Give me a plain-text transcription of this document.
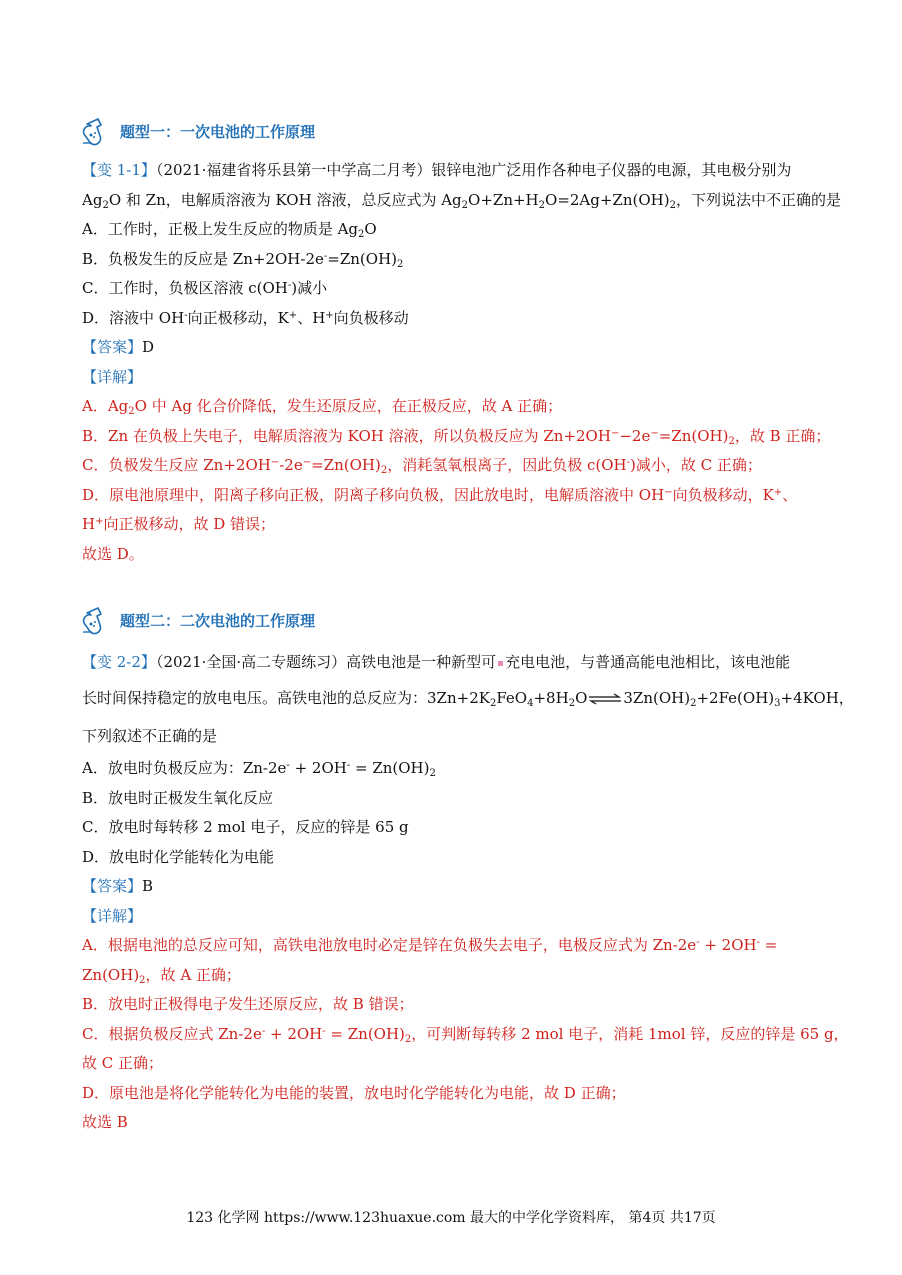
题型一：一次电池的工作原理

【变 1-1】（2021·福建省将乐县第一中学高二月考）银锌电池广泛用作各种电子仪器的电源，其电极分别为

$Ag_2O$ 和 Zn，电解质溶液为 KOH 溶液，总反应式为 $Ag_2O+Zn+H_2O=2Ag+Zn(OH)_2$，下列说法中不正确的是

A．工作时，正极上发生反应的物质是 $Ag_2O$

B．负极发生的反应是 $Zn+2OH-2e^-=Zn(OH)_2$

C．工作时，负极区溶液 c(OH-)减小

D．溶液中 OH-向正极移动，K+、H+向负极移动

【答案】D

【详解】

A．$Ag_2O$ 中 Ag 化合价降低，发生还原反应，在正极反应，故 A 正确；

B．Zn 在负极上失电子，电解质溶液为 KOH 溶液，所以负极反应为 $Zn+2OH^--2e^-=Zn(OH)_2$，故 B 正确；

C．负极发生反应 $Zn+2OH^--2e^-=Zn(OH)_2$，消耗氢氧根离子，因此负极 c(OH-)减小，故 C 正确；

D．原电池原理中，阳离子移向正极，阴离子移向负极，因此放电时，电解质溶液中 OH−向负极移动，K+、

H+向正极移动，故 D 错误；

故选 D。

题型二：二次电池的工作原理

【变 2-2】（2021·全国·高二专题练习）高铁电池是一种新型可 充电电池，与普通高能电池相比，该电池能

长时间保持稳定的放电电压。高铁电池的总反应为：$3Zn+2K_2FeO_4+8H_2O\rightleftharpoons 3Zn(OH)_2+2Fe(OH)_3+4KOH$，

下列叙述不正确的是

A．放电时负极反应为：$Zn-2e^- + 2OH^- = Zn(OH)_2$

B．放电时正极发生氧化反应

C．放电时每转移 2 mol 电子，反应的锌是 65 g

D．放电时化学能转化为电能

【答案】B

【详解】

A．根据电池的总反应可知，高铁电池放电时必定是锌在负极失去电子，电极反应式为 Zn-2e- + 2OH- =

$Zn(OH)_2$，故 A 正确；

B．放电时正极得电子发生还原反应，故 B 错误；

C．根据负极反应式 $Zn-2e^- + 2OH^- = Zn(OH)_2$，可判断每转移 2 mol 电子，消耗 1mol 锌，反应的锌是 65 g，

故 C 正确；

D．原电池是将化学能转化为电能的装置，放电时化学能转化为电能，故 D 正确；

故选 B

123 化学网 https://www.123huaxue.com 最大的中学化学资料库， 第4页 共17页
